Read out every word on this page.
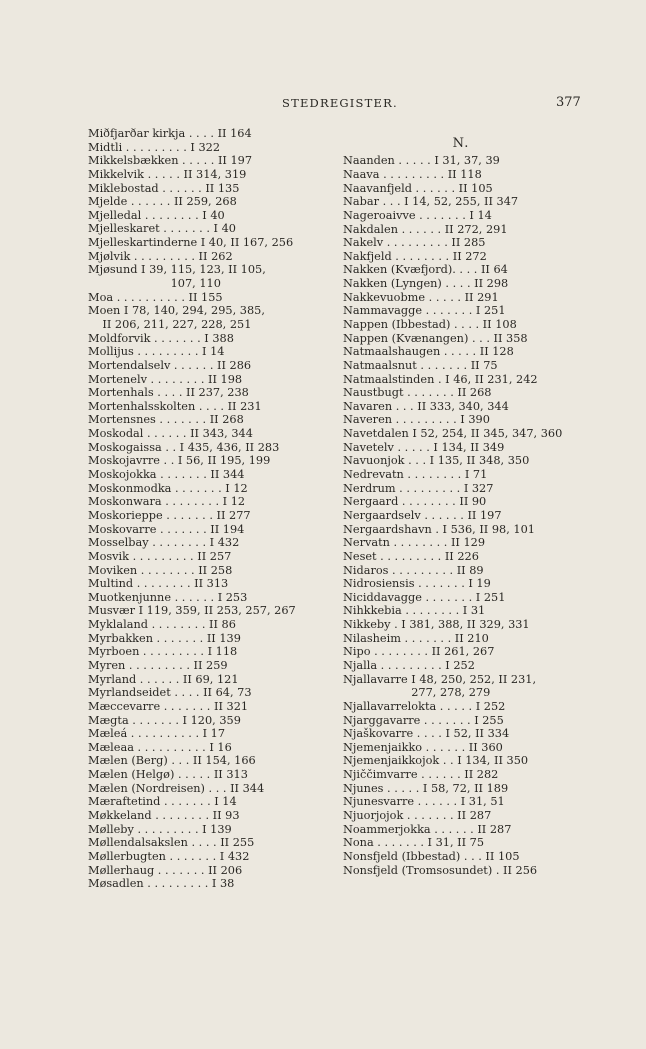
STEDREGISTER.	377
Miðfjarðar kirkja . . . . II 164
Midtli . . . . . . . . . I 322
Mikkelsbækken . . . . . II 197
Mikkelvik . . . . . II 314, 319
Miklebostad . . . . . . II 135
Mjelde . . . . . . II 259, 268
Mjelledal . . . . . . . . I 40
Mjelleskaret . . . . . . . I 40
Mjelleskartinderne I 40, II 167, 256
Mjølvik . . . . . . . . . II 262
Mjøsund I 39, 115, 123, II 105,
107, 110
Moa . . . . . . . . . . II 155
Moen I 78, 140, 294, 295, 385,
II 206, 211, 227, 228, 251
Moldforvik . . . . . . . I 388
Mollijus . . . . . . . . . I 14
Mortendalselv . . . . . . II 286
Mortenelv . . . . . . . . II 198
Mortenhals . . . . II 237, 238
Mortenhalsskolten . . . . II 231
Mortensnes . . . . . . . II 268
Moskodal . . . . . . II 343, 344
Moskogaissa . . I 435, 436, II 283
Moskojavrre . . I 56, II 195, 199
Moskojokka . . . . . . . II 344
Moskonmodka . . . . . . . I 12
Moskonwara . . . . . . . . I 12
Moskorieppe . . . . . . . II 277
Moskovarre . . . . . . . II 194
Mosselbay . . . . . . . . I 432
Mosvik . . . . . . . . . II 257
Moviken . . . . . . . . II 258
Multind . . . . . . . . II 313
Muotkenjunne . . . . . . I 253
Musvær I 119, 359, II 253, 257, 267
Myklaland . . . . . . . . II 86
Myrbakken . . . . . . . II 139
Myrboen . . . . . . . . . I 118
Myren . . . . . . . . . II 259
Myrland . . . . . . II 69, 121
Myrlandseidet . . . . II 64, 73
Mæccevarre . . . . . . . II 321
Mægta . . . . . . . I 120, 359
Mæleá . . . . . . . . . . I 17
Mæleaa . . . . . . . . . . I 16
Mælen (Berg) . . . II 154, 166
Mælen (Helgø) . . . . . II 313
Mælen (Nordreisen) . . . II 344
Mæraftetind . . . . . . . I 14
Møkkeland . . . . . . . . II 93
Mølleby . . . . . . . . . I 139
Møllendalsakslen . . . . II 255
Møllerbugten . . . . . . . I 432
Møllerhaug . . . . . . . II 206
Møsadlen . . . . . . . . . I 38
N.
Naanden . . . . . I 31, 37, 39
Naava . . . . . . . . . II 118
Naavanfjeld . . . . . . II 105
Nabar . . . I 14, 52, 255, II 347
Nageroaivve . . . . . . . I 14
Nakdalen . . . . . . II 272, 291
Nakelv . . . . . . . . . II 285
Nakfjeld . . . . . . . . II 272
Nakken (Kvæfjord). . . . II 64
Nakken (Lyngen) . . . . II 298
Nakkevuobme . . . . . II 291
Nammavagge . . . . . . . I 251
Nappen (Ibbestad) . . . . II 108
Nappen (Kvænangen) . . . II 358
Natmaalshaugen . . . . . II 128
Natmaalsnut . . . . . . . II 75
Natmaalstinden . I 46, II 231, 242
Naustbugt . . . . . . . II 268
Navaren . . . II 333, 340, 344
Naveren . . . . . . . . . I 390
Navetdalen I 52, 254, II 345, 347, 360
Navetelv . . . . . I 134, II 349
Navuonjok . . . I 135, II 348, 350
Nedrevatn . . . . . . . . I 71
Nerdrum . . . . . . . . . I 327
Nergaard . . . . . . . . II 90
Nergaardselv . . . . . . II 197
Nergaardshavn . I 536, II 98, 101
Nervatn . . . . . . . . II 129
Neset . . . . . . . . . II 226
Nidaros . . . . . . . . . II 89
Nidrosiensis . . . . . . . I 19
Niciddavagge . . . . . . . I 251
Nihkkebia . . . . . . . . I 31
Nikkeby . I 381, 388, II 329, 331
Nilasheim . . . . . . . II 210
Nipo . . . . . . . . II 261, 267
Njalla . . . . . . . . . I 252
Njallavarre I 48, 250, 252, II 231,
277, 278, 279
Njallavarrelokta . . . . . I 252
Njarggavarre . . . . . . . I 255
Njaškovarre . . . . I 52, II 334
Njemenjaikko . . . . . . II 360
Njemenjaikkojok . . I 134, II 350
Njiččimvarre . . . . . . II 282
Njunes . . . . . I 58, 72, II 189
Njunesvarre . . . . . . I 31, 51
Njuorjojok . . . . . . . II 287
Noammerjokka . . . . . . II 287
Nona . . . . . . . I 31, II 75
Nonsfjeld (Ibbestad) . . . II 105
Nonsfjeld (Tromsosundet) . II 256
